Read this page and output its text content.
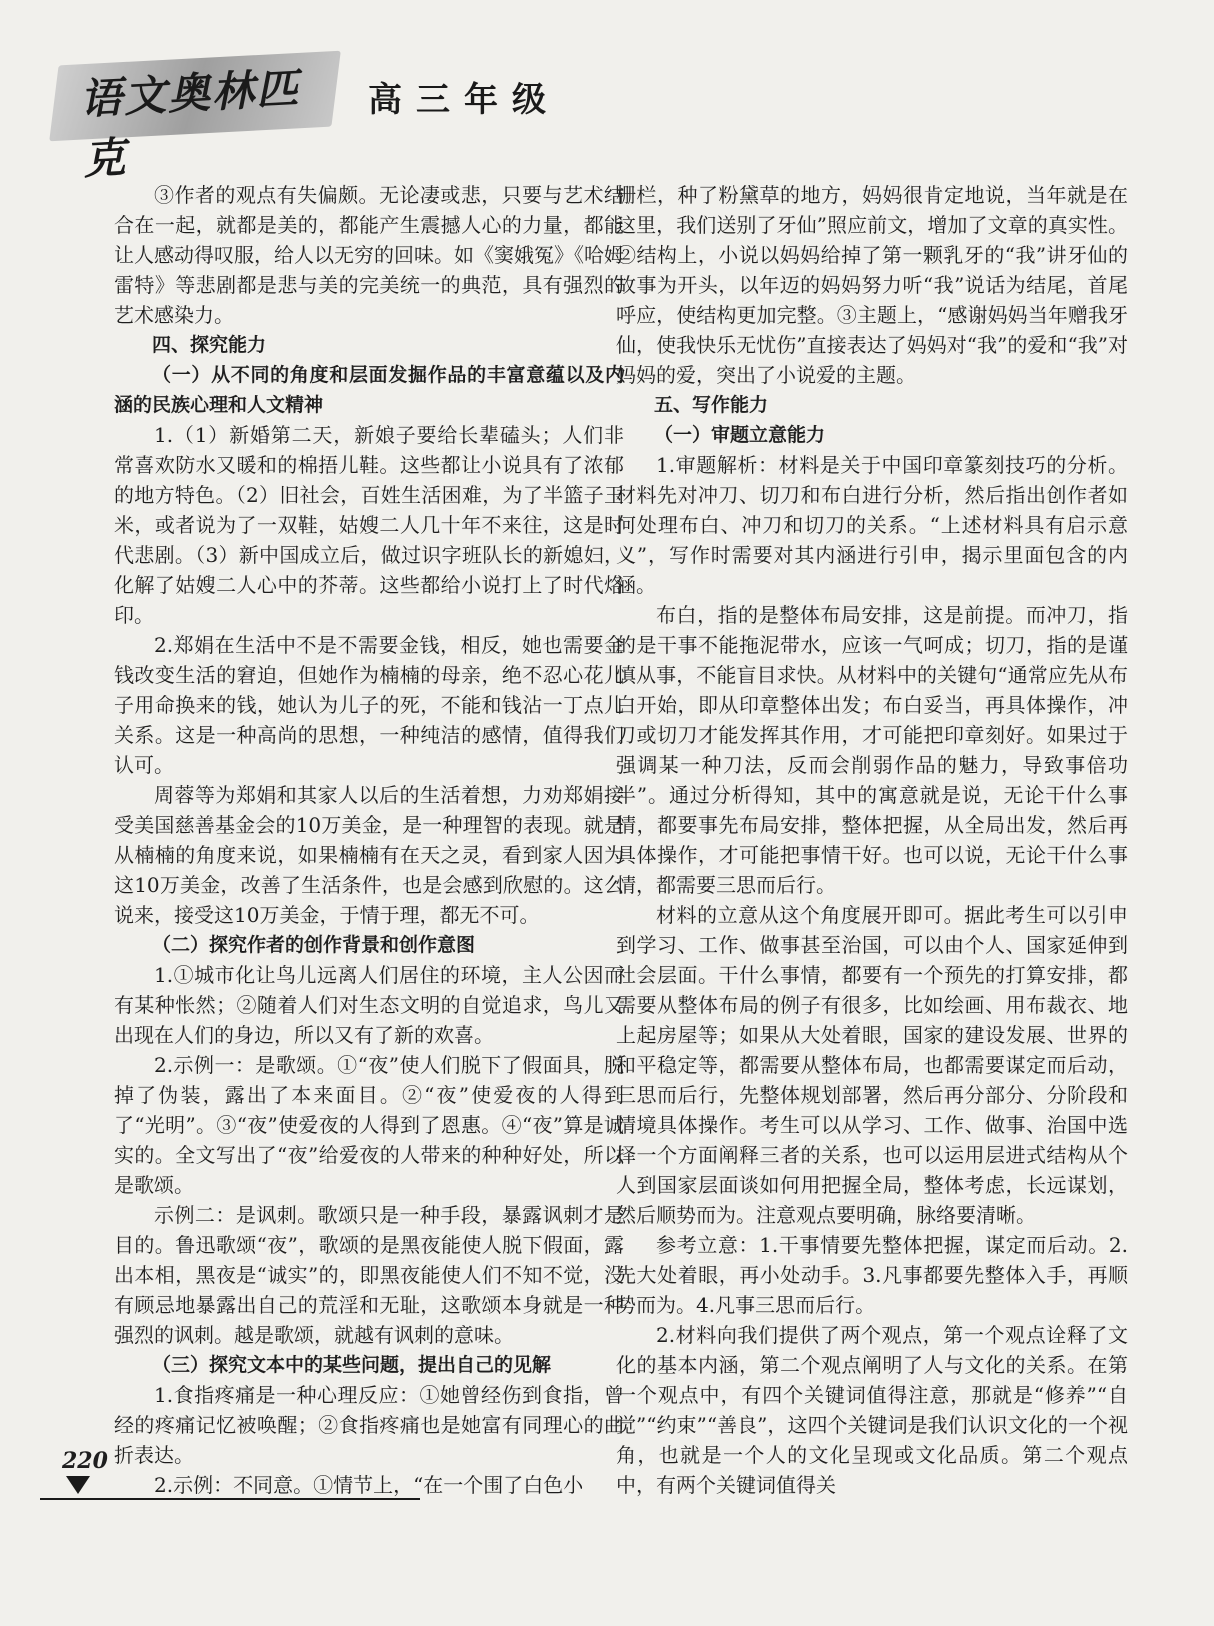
语文奥林匹克
高三年级

③作者的观点有失偏颇。无论凄或悲，只要与艺术结合在一起，就都是美的，都能产生震撼人心的力量，都能让人感动得叹服，给人以无穷的回味。如《窦娥冤》《哈姆雷特》等悲剧都是悲与美的完美统一的典范，具有强烈的艺术感染力。

四、探究能力

（一）从不同的角度和层面发掘作品的丰富意蕴以及内涵的民族心理和人文精神

1.（1）新婚第二天，新娘子要给长辈磕头；人们非常喜欢防水又暖和的棉捂儿鞋。这些都让小说具有了浓郁的地方特色。（2）旧社会，百姓生活困难，为了半篮子玉米，或者说为了一双鞋，姑嫂二人几十年不来往，这是时代悲剧。（3）新中国成立后，做过识字班队长的新媳妇，化解了姑嫂二人心中的芥蒂。这些都给小说打上了时代烙印。

2.郑娟在生活中不是不需要金钱，相反，她也需要金钱改变生活的窘迫，但她作为楠楠的母亲，绝不忍心花儿子用命换来的钱，她认为儿子的死，不能和钱沾一丁点儿关系。这是一种高尚的思想，一种纯洁的感情，值得我们认可。

周蓉等为郑娟和其家人以后的生活着想，力劝郑娟接受美国慈善基金会的10万美金，是一种理智的表现。就是从楠楠的角度来说，如果楠楠有在天之灵，看到家人因为这10万美金，改善了生活条件，也是会感到欣慰的。这么说来，接受这10万美金，于情于理，都无不可。

（二）探究作者的创作背景和创作意图

1.①城市化让鸟儿远离人们居住的环境，主人公因而有某种怅然；②随着人们对生态文明的自觉追求，鸟儿又出现在人们的身边，所以又有了新的欢喜。

2.示例一：是歌颂。①“夜”使人们脱下了假面具，脱掉了伪装，露出了本来面目。②“夜”使爱夜的人得到了“光明”。③“夜”使爱夜的人得到了恩惠。④“夜”算是诚实的。全文写出了“夜”给爱夜的人带来的种种好处，所以是歌颂。

示例二：是讽刺。歌颂只是一种手段，暴露讽刺才是目的。鲁迅歌颂“夜”，歌颂的是黑夜能使人脱下假面，露出本相，黑夜是“诚实”的，即黑夜能使人们不知不觉，没有顾忌地暴露出自己的荒淫和无耻，这歌颂本身就是一种强烈的讽刺。越是歌颂，就越有讽刺的意味。

（三）探究文本中的某些问题，提出自己的见解

1.食指疼痛是一种心理反应：①她曾经伤到食指，曾经的疼痛记忆被唤醒；②食指疼痛也是她富有同理心的曲折表达。

2.示例：不同意。①情节上，“在一个围了白色小

栅栏，种了粉黛草的地方，妈妈很肯定地说，当年就是在这里，我们送别了牙仙”照应前文，增加了文章的真实性。②结构上，小说以妈妈给掉了第一颗乳牙的“我”讲牙仙的故事为开头，以年迈的妈妈努力听“我”说话为结尾，首尾呼应，使结构更加完整。③主题上，“感谢妈妈当年赠我牙仙，使我快乐无忧伤”直接表达了妈妈对“我”的爱和“我”对妈妈的爱，突出了小说爱的主题。

五、写作能力

（一）审题立意能力

1.审题解析：材料是关于中国印章篆刻技巧的分析。材料先对冲刀、切刀和布白进行分析，然后指出创作者如何处理布白、冲刀和切刀的关系。“上述材料具有启示意义”，写作时需要对其内涵进行引申，揭示里面包含的内涵。

布白，指的是整体布局安排，这是前提。而冲刀，指的是干事不能拖泥带水，应该一气呵成；切刀，指的是谨慎从事，不能盲目求快。从材料中的关键句“通常应先从布白开始，即从印章整体出发；布白妥当，再具体操作，冲刀或切刀才能发挥其作用，才可能把印章刻好。如果过于强调某一种刀法，反而会削弱作品的魅力，导致事倍功半”。通过分析得知，其中的寓意就是说，无论干什么事情，都要事先布局安排，整体把握，从全局出发，然后再具体操作，才可能把事情干好。也可以说，无论干什么事情，都需要三思而后行。

材料的立意从这个角度展开即可。据此考生可以引申到学习、工作、做事甚至治国，可以由个人、国家延伸到社会层面。干什么事情，都要有一个预先的打算安排，都需要从整体布局的例子有很多，比如绘画、用布裁衣、地上起房屋等；如果从大处着眼，国家的建设发展、世界的和平稳定等，都需要从整体布局，也都需要谋定而后动，三思而后行，先整体规划部署，然后再分部分、分阶段和情境具体操作。考生可以从学习、工作、做事、治国中选择一个方面阐释三者的关系，也可以运用层进式结构从个人到国家层面谈如何用把握全局，整体考虑，长远谋划，然后顺势而为。注意观点要明确，脉络要清晰。

参考立意：1.干事情要先整体把握，谋定而后动。2.先大处着眼，再小处动手。3.凡事都要先整体入手，再顺势而为。4.凡事三思而后行。

2.材料向我们提供了两个观点，第一个观点诠释了文化的基本内涵，第二个观点阐明了人与文化的关系。在第一个观点中，有四个关键词值得注意，那就是“修养”“自觉”“约束”“善良”，这四个关键词是我们认识文化的一个视角，也就是一个人的文化呈现或文化品质。第二个观点中，有两个关键词值得关

220
